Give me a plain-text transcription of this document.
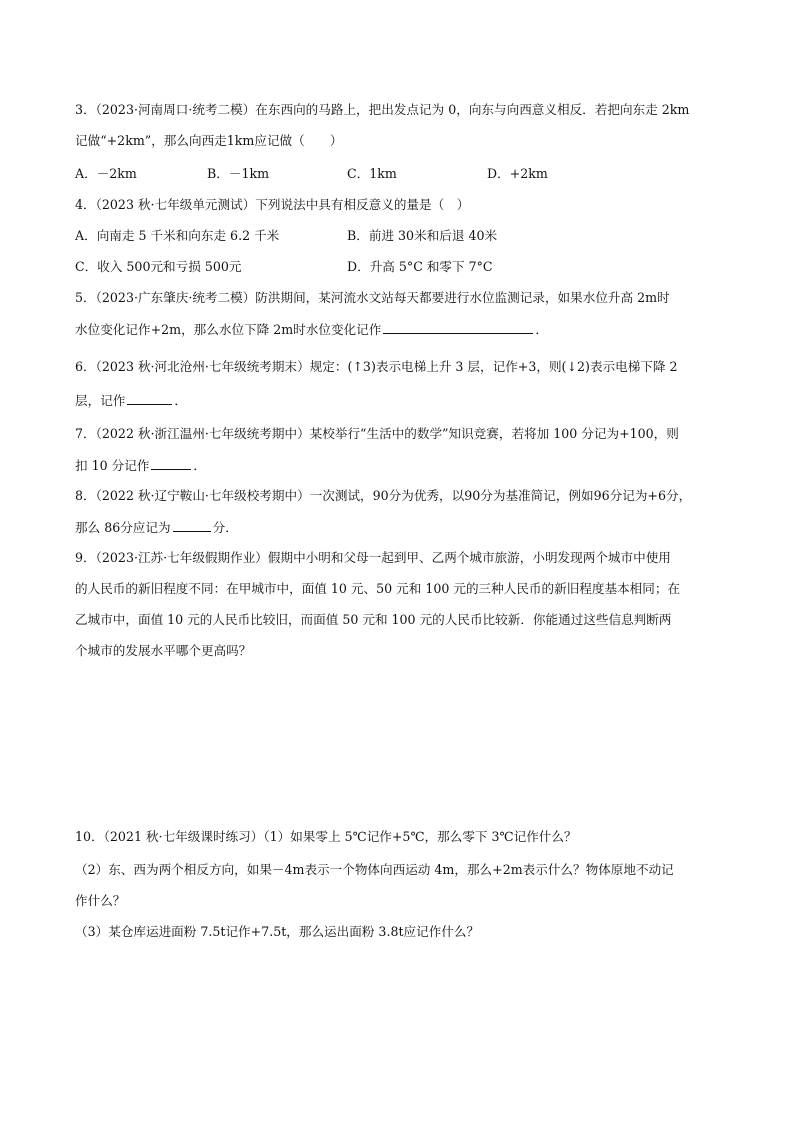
3．（2023·河南周口·统考二模）在东西向的马路上，把出发点记为 0，向东与向西意义相反．若把向东走 2km
记做“+2km”，那么向西走1km应记做（　　）
A．－2km	B．－1km	C．1km	D．+2km
4．（2023 秋·七年级单元测试）下列说法中具有相反意义的量是（　）
A．向南走 5 千米和向东走 6.2 千米	B．前进 30米和后退 40米
C．收入 500元和亏损 500元	D．升高 5°C 和零下 7°C
5．（2023·广东肇庆·统考二模）防洪期间，某河流水文站每天都要进行水位监测记录，如果水位升高 2m时
水位变化记作+2m，那么水位下降 2m时水位变化记作	．
6．（2023 秋·河北沧州·七年级统考期末）规定：(↑3)表示电梯上升 3 层，记作+3，则(↓2)表示电梯下降 2
层，记作	．
7．（2022 秋·浙江温州·七年级统考期中）某校举行“生活中的数学”知识竞赛，若将加 100 分记为+100，则
扣 10 分记作	．
8．（2022 秋·辽宁鞍山·七年级校考期中）一次测试，90分为优秀，以90分为基准简记，例如96分记为+6分，
那么 86分应记为	分．
9．（2023·江苏·七年级假期作业）假期中小明和父母一起到甲、乙两个城市旅游，小明发现两个城市中使用
的人民币的新旧程度不同：在甲城市中，面值 10 元、50 元和 100 元的三种人民币的新旧程度基本相同；在
乙城市中，面值 10 元的人民币比较旧，而面值 50 元和 100 元的人民币比较新．你能通过这些信息判断两
个城市的发展水平哪个更高吗？
10．（2021 秋·七年级课时练习）（1）如果零上 5℃记作+5℃，那么零下 3℃记作什么？
（2）东、西为两个相反方向，如果－4m表示一个物体向西运动 4m，那么+2m表示什么？物体原地不动记
作什么？
（3）某仓库运进面粉 7.5t记作+7.5t，那么运出面粉 3.8t应记作什么？
